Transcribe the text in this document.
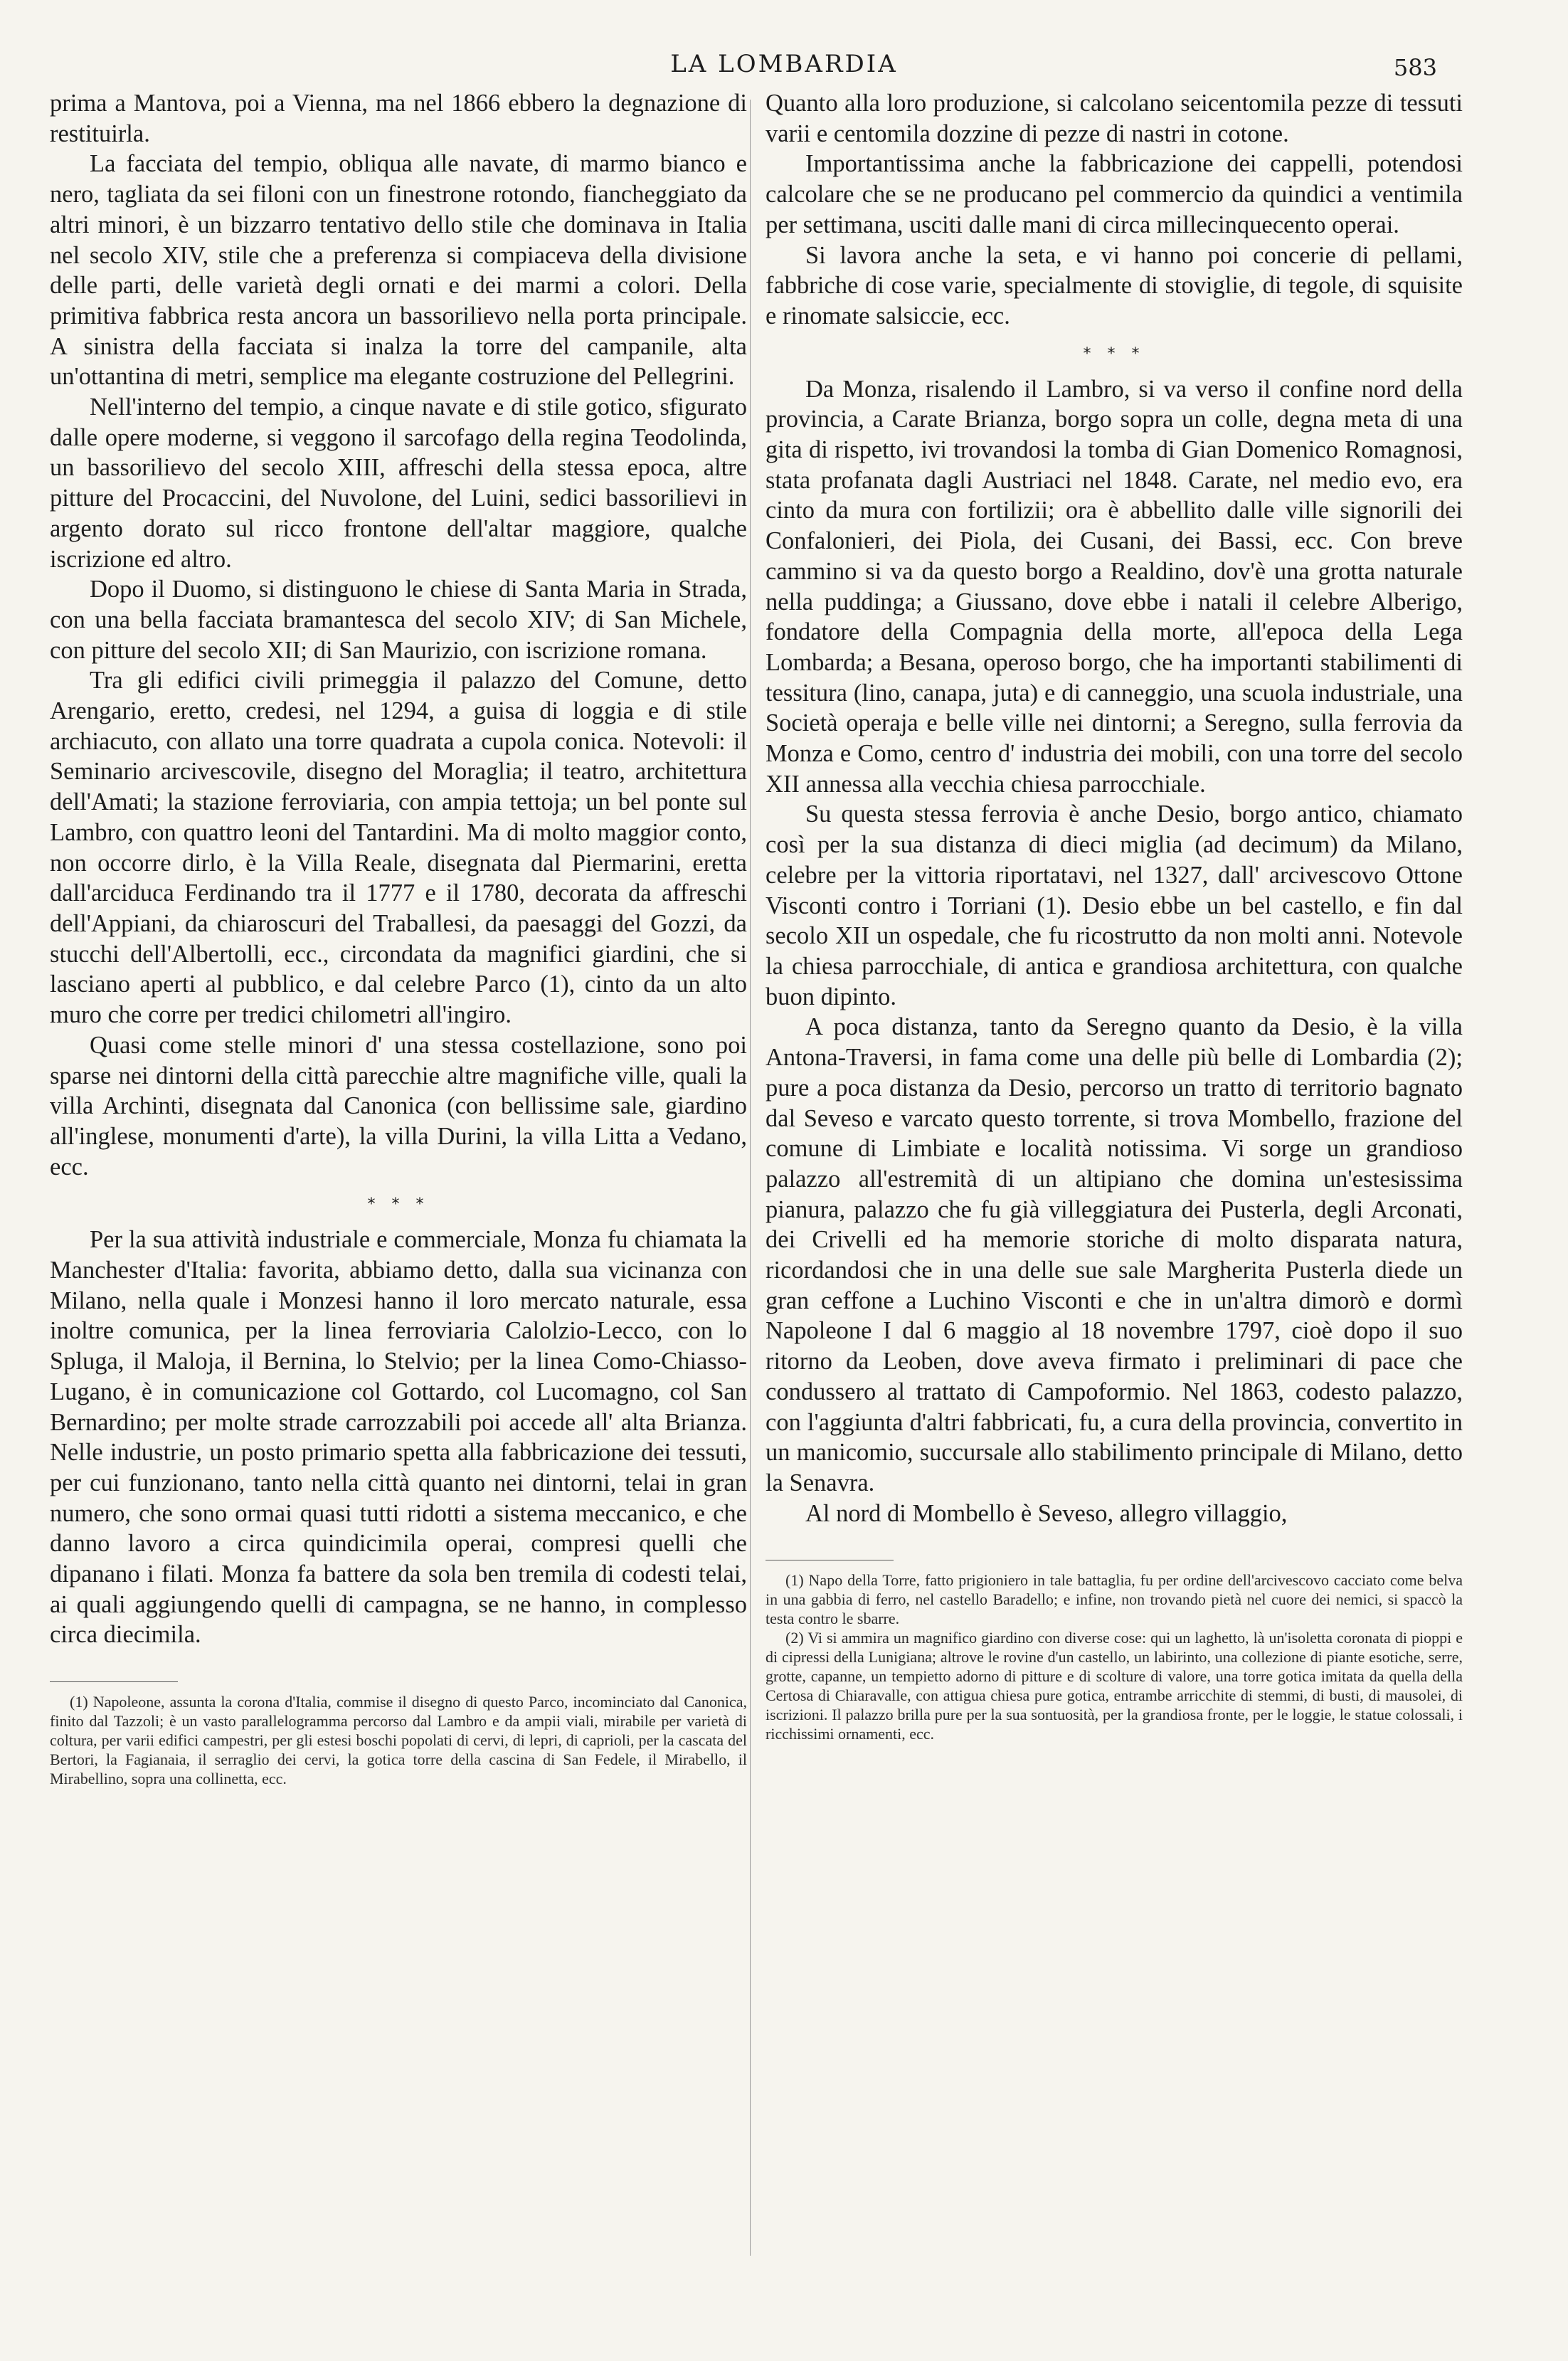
LA LOMBARDIA	583

prima a Mantova, poi a Vienna, ma nel 1866 ebbero la degnazione di restituirla.

La facciata del tempio, obliqua alle navate, di marmo bianco e nero, tagliata da sei filoni con un finestrone rotondo, fiancheggiato da altri minori, è un bizzarro tentativo dello stile che dominava in Italia nel secolo XIV, stile che a preferenza si compiaceva della divisione delle parti, delle varietà degli ornati e dei marmi a colori. Della primitiva fabbrica resta ancora un bassorilievo nella porta principale. A sinistra della facciata si inalza la torre del campanile, alta un'ottantina di metri, semplice ma elegante costruzione del Pellegrini.

Nell'interno del tempio, a cinque navate e di stile gotico, sfigurato dalle opere moderne, si veggono il sarcofago della regina Teodolinda, un bassorilievo del secolo XIII, affreschi della stessa epoca, altre pitture del Procaccini, del Nuvolone, del Luini, sedici bassorilievi in argento dorato sul ricco frontone dell'altar maggiore, qualche iscrizione ed altro.

Dopo il Duomo, si distinguono le chiese di Santa Maria in Strada, con una bella facciata bramantesca del secolo XIV; di San Michele, con pitture del secolo XII; di San Maurizio, con iscrizione romana.

Tra gli edifici civili primeggia il palazzo del Comune, detto Arengario, eretto, credesi, nel 1294, a guisa di loggia e di stile archiacuto, con allato una torre quadrata a cupola conica. Notevoli: il Seminario arcivescovile, disegno del Moraglia; il teatro, architettura dell'Amati; la stazione ferroviaria, con ampia tettoja; un bel ponte sul Lambro, con quattro leoni del Tantardini. Ma di molto maggior conto, non occorre dirlo, è la Villa Reale, disegnata dal Piermarini, eretta dall'arciduca Ferdinando tra il 1777 e il 1780, decorata da affreschi dell'Appiani, da chiaroscuri del Traballesi, da paesaggi del Gozzi, da stucchi dell'Albertolli, ecc., circondata da magnifici giardini, che si lasciano aperti al pubblico, e dal celebre Parco (1), cinto da un alto muro che corre per tredici chilometri all'ingiro.

Quasi come stelle minori d' una stessa costellazione, sono poi sparse nei dintorni della città parecchie altre magnifiche ville, quali la villa Archinti, disegnata dal Canonica (con bellissime sale, giardino all'inglese, monumenti d'arte), la villa Durini, la villa Litta a Vedano, ecc.

* * *

Per la sua attività industriale e commerciale, Monza fu chiamata la Manchester d'Italia: favorita, abbiamo detto, dalla sua vicinanza con Milano, nella quale i Monzesi hanno il loro mercato naturale, essa inoltre comunica, per la linea ferroviaria Calolzio-Lecco, con lo Spluga, il Maloja, il Bernina, lo Stelvio; per la linea Como-Chiasso-Lugano, è in comunicazione col Gottardo, col Lucomagno, col San Bernardino; per molte strade carrozzabili poi accede all' alta Brianza. Nelle industrie, un posto primario spetta alla fabbricazione dei tessuti, per cui funzionano, tanto nella città quanto nei dintorni, telai in gran numero, che sono ormai quasi tutti ridotti a sistema meccanico, e che danno lavoro a circa quindicimila operai, compresi quelli che dipanano i filati. Monza fa battere da sola ben tremila di codesti telai, ai quali aggiungendo quelli di campagna, se ne hanno, in complesso circa diecimila.

(1) Napoleone, assunta la corona d'Italia, commise il disegno di questo Parco, incominciato dal Canonica, finito dal Tazzoli; è un vasto parallelogramma percorso dal Lambro e da ampii viali, mirabile per varietà di coltura, per varii edifici campestri, per gli estesi boschi popolati di cervi, di lepri, di caprioli, per la cascata del Bertori, la Fagianaia, il serraglio dei cervi, la gotica torre della cascina di San Fedele, il Mirabello, il Mirabellino, sopra una collinetta, ecc.

Quanto alla loro produzione, si calcolano seicentomila pezze di tessuti varii e centomila dozzine di pezze di nastri in cotone.

Importantissima anche la fabbricazione dei cappelli, potendosi calcolare che se ne producano pel commercio da quindici a ventimila per settimana, usciti dalle mani di circa millecinquecento operai.

Si lavora anche la seta, e vi hanno poi concerie di pellami, fabbriche di cose varie, specialmente di stoviglie, di tegole, di squisite e rinomate salsiccie, ecc.

* * *

Da Monza, risalendo il Lambro, si va verso il confine nord della provincia, a Carate Brianza, borgo sopra un colle, degna meta di una gita di rispetto, ivi trovandosi la tomba di Gian Domenico Romagnosi, stata profanata dagli Austriaci nel 1848. Carate, nel medio evo, era cinto da mura con fortilizii; ora è abbellito dalle ville signorili dei Confalonieri, dei Piola, dei Cusani, dei Bassi, ecc. Con breve cammino si va da questo borgo a Realdino, dov'è una grotta naturale nella puddinga; a Giussano, dove ebbe i natali il celebre Alberigo, fondatore della Compagnia della morte, all'epoca della Lega Lombarda; a Besana, operoso borgo, che ha importanti stabilimenti di tessitura (lino, canapa, juta) e di canneggio, una scuola industriale, una Società operaja e belle ville nei dintorni; a Seregno, sulla ferrovia da Monza e Como, centro d' industria dei mobili, con una torre del secolo XII annessa alla vecchia chiesa parrocchiale.

Su questa stessa ferrovia è anche Desio, borgo antico, chiamato così per la sua distanza di dieci miglia (ad decimum) da Milano, celebre per la vittoria riportatavi, nel 1327, dall' arcivescovo Ottone Visconti contro i Torriani (1). Desio ebbe un bel castello, e fin dal secolo XII un ospedale, che fu ricostrutto da non molti anni. Notevole la chiesa parrocchiale, di antica e grandiosa architettura, con qualche buon dipinto.

A poca distanza, tanto da Seregno quanto da Desio, è la villa Antona-Traversi, in fama come una delle più belle di Lombardia (2); pure a poca distanza da Desio, percorso un tratto di territorio bagnato dal Seveso e varcato questo torrente, si trova Mombello, frazione del comune di Limbiate e località notissima. Vi sorge un grandioso palazzo all'estremità di un altipiano che domina un'estesissima pianura, palazzo che fu già villeggiatura dei Pusterla, degli Arconati, dei Crivelli ed ha memorie storiche di molto disparata natura, ricordandosi che in una delle sue sale Margherita Pusterla diede un gran ceffone a Luchino Visconti e che in un'altra dimorò e dormì Napoleone I dal 6 maggio al 18 novembre 1797, cioè dopo il suo ritorno da Leoben, dove aveva firmato i preliminari di pace che condussero al trattato di Campoformio. Nel 1863, codesto palazzo, con l'aggiunta d'altri fabbricati, fu, a cura della provincia, convertito in un manicomio, succursale allo stabilimento principale di Milano, detto la Senavra.

Al nord di Mombello è Seveso, allegro villaggio,

(1) Napo della Torre, fatto prigioniero in tale battaglia, fu per ordine dell'arcivescovo cacciato come belva in una gabbia di ferro, nel castello Baradello; e infine, non trovando pietà nel cuore dei nemici, si spaccò la testa contro le sbarre.

(2) Vi si ammira un magnifico giardino con diverse cose: qui un laghetto, là un'isoletta coronata di pioppi e di cipressi della Lunigiana; altrove le rovine d'un castello, un labirinto, una collezione di piante esotiche, serre, grotte, capanne, un tempietto adorno di pitture e di scolture di valore, una torre gotica imitata da quella della Certosa di Chiaravalle, con attigua chiesa pure gotica, entrambe arricchite di stemmi, di busti, di mausolei, di iscrizioni. Il palazzo brilla pure per la sua sontuosità, per la grandiosa fronte, per le loggie, le statue colossali, i ricchissimi ornamenti, ecc.
